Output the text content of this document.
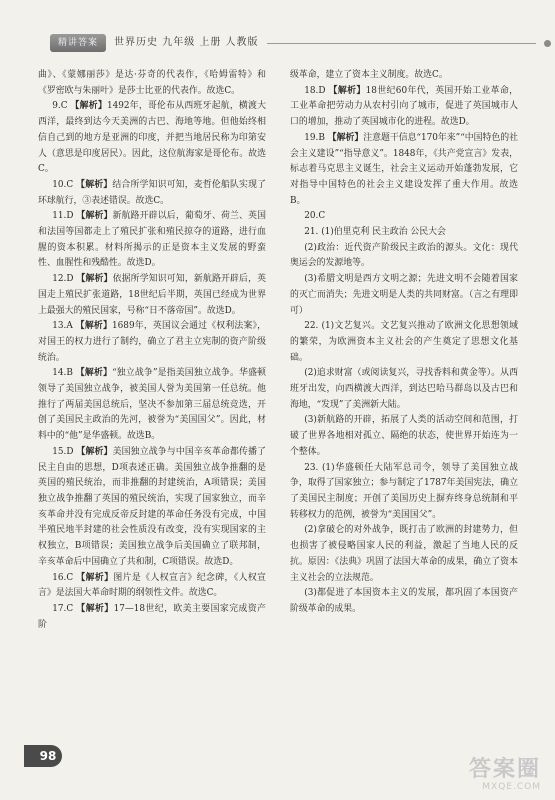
精讲答案	世界历史 九年级 上册 人教版

曲》、《蒙娜丽莎》是达·芬奇的代表作，《哈姆雷特》和《罗密欧与朱丽叶》是莎士比亚的代表作。故选C。

9.C 【解析】1492年，哥伦布从西班牙起航，横渡大西洋，最终到达今天美洲的古巴、海地等地。但他始终相信自己到的地方是亚洲的印度，并把当地居民称为印第安人（意思是印度居民）。因此，这位航海家是哥伦布。故选C。

10.C 【解析】结合所学知识可知，麦哲伦船队实现了环球航行，③表述错误。故选C。

11.D 【解析】新航路开辟以后，葡萄牙、荷兰、英国和法国等国都走上了殖民扩张和殖民掠夺的道路，进行血腥的资本积累。材料所揭示的正是资本主义发展的野蛮性、血腥性和残酷性。故选D。

12.D 【解析】依据所学知识可知，新航路开辟后，英国走上殖民扩张道路，18世纪后半期，英国已经成为世界上最强大的殖民国家，号称“日不落帝国”。故选D。

13.A 【解析】1689年，英国议会通过《权利法案》，对国王的权力进行了制约，确立了君主立宪制的资产阶级统治。

14.B 【解析】“独立战争”是指美国独立战争。华盛顿领导了美国独立战争，被美国人誉为美国第一任总统。他推行了两届美国总统后，坚决不参加第三届总统竞选，开创了美国民主政治的先河，被誉为“美国国父”。因此，材料中的“他”是华盛顿。故选B。

15.D 【解析】美国独立战争与中国辛亥革命都传播了民主自由的思想，D项表述正确。美国独立战争推翻的是英国的殖民统治，而非推翻的封建统治，A项错误；美国独立战争推翻了英国的殖民统治，实现了国家独立，而辛亥革命并没有完成反帝反封建的革命任务没有完成，中国半殖民地半封建的社会性质没有改变，没有实现国家的主权独立，B项错误；美国独立战争后美国确立了联邦制，辛亥革命后中国确立了共和制，C项错误。故选D。

16.C 【解析】图片是《人权宣言》纪念碑，《人权宣言》是法国大革命时期的纲领性文件。故选C。

17.C 【解析】17—18世纪，欧美主要国家完成资产阶

级革命，建立了资本主义制度。故选C。

18.D 【解析】18世纪60年代，英国开始工业革命，工业革命把劳动力从农村引向了城市，促进了英国城市人口的增加，推动了英国城市化的进程。故选D。

19.B 【解析】注意题干信息“170年来”“中国特色的社会主义建设”“指导意义”。1848年，《共产党宣言》发表，标志着马克思主义诞生，社会主义运动开始蓬勃发展，它对指导中国特色的社会主义建设发挥了重大作用。故选B。

20.C

21. (1)伯里克利 民主政治 公民大会

(2)政治：近代资产阶级民主政治的源头。文化：现代奥运会的发源地等。

(3)希腊文明是西方文明之源；先进文明不会随着国家的灭亡而消失；先进文明是人类的共同财富。（言之有理即可）

22. (1)文艺复兴。文艺复兴推动了欧洲文化思想领域的繁荣，为欧洲资本主义社会的产生奠定了思想文化基础。

(2)追求财富（或阅读复兴，寻找香料和黄金等）。从西班牙出发，向西横渡大西洋，到达巴哈马群岛以及古巴和海地，“发现”了美洲新大陆。

(3)新航路的开辟，拓展了人类的活动空间和范围，打破了世界各地相对孤立、隔绝的状态，使世界开始连为一个整体。

23. (1)华盛顿任大陆军总司令，领导了美国独立战争，取得了国家独立；参与制定了1787年美国宪法，确立了美国民主制度；开创了美国历史上摒弃终身总统制和平转移权力的范例，被誉为“美国国父”。

(2)拿破仑的对外战争，既打击了欧洲的封建势力，但也损害了被侵略国家人民的利益，激起了当地人民的反抗。原因：《法典》巩固了法国大革命的成果，确立了资本主义社会的立法规范。

(3)都促进了本国资本主义的发展，都巩固了本国资产阶级革命的成果。

98
答案圈
MXQE.COM
